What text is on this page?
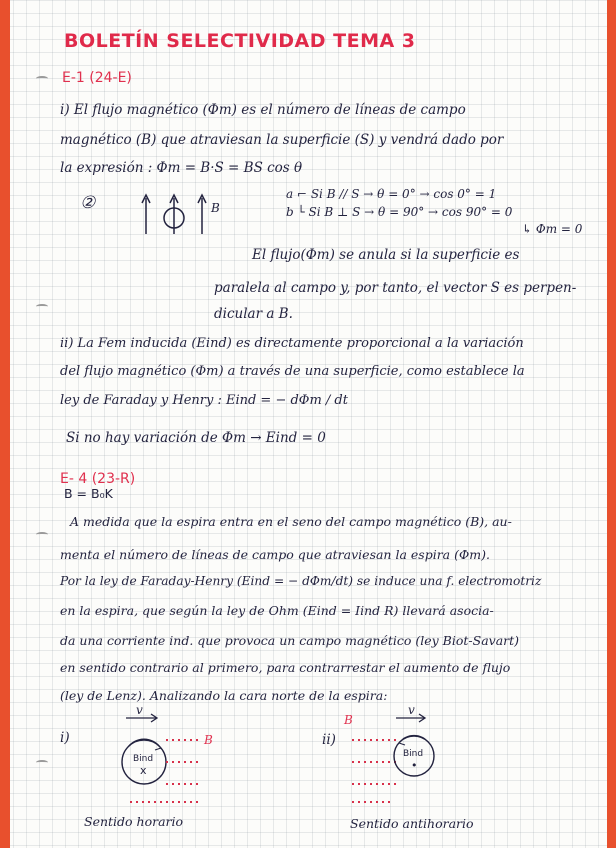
BOLETÍN SELECTIVIDAD TEMA 3
E-1 (24-E)
i) El flujo magnético (Φm) es el número de líneas de campo
magnético (B) que atraviesan la superficie (S) y vendrá dado por
la expresión : Φm = B·S = BS cos θ
②	B
a ⌐ Si B // S → θ = 0° → cos 0° = 1
b └ Si B ⊥ S → θ = 90° → cos 90° = 0
↳ Φm = 0
El flujo(Φm) se anula si la superficie es
paralela al campo y, por tanto, el vector S es perpen-
dicular a B.
ii) La Fem inducida (Eind) es directamente proporcional a la variación
del flujo magnético (Φm) a través de una superficie, como establece la
ley de Faraday y Henry : Eind = − dΦm / dt
Si no hay variación de Φm → Eind = 0
E- 4 (23-R)
B = B₀K
A medida que la espira entra en el seno del campo magnético (B), au-
menta el número de líneas de campo que atraviesan la espira (Φm).
Por la ley de Faraday-Henry (Eind = − dΦm/dt) se induce una f. electromotriz
en la espira, que según la ley de Ohm (Eind = Iind R) llevará asocia-
da una corriente ind. que provoca un campo magnético (ley Biot-Savart)
en sentido contrario al primero, para contrarrestar el aumento de flujo
(ley de Lenz). Analizando la cara norte de la espira:
i)
v
Bind
x
B
Sentido horario
ii)
B
v
Bind
•
Sentido antihorario
